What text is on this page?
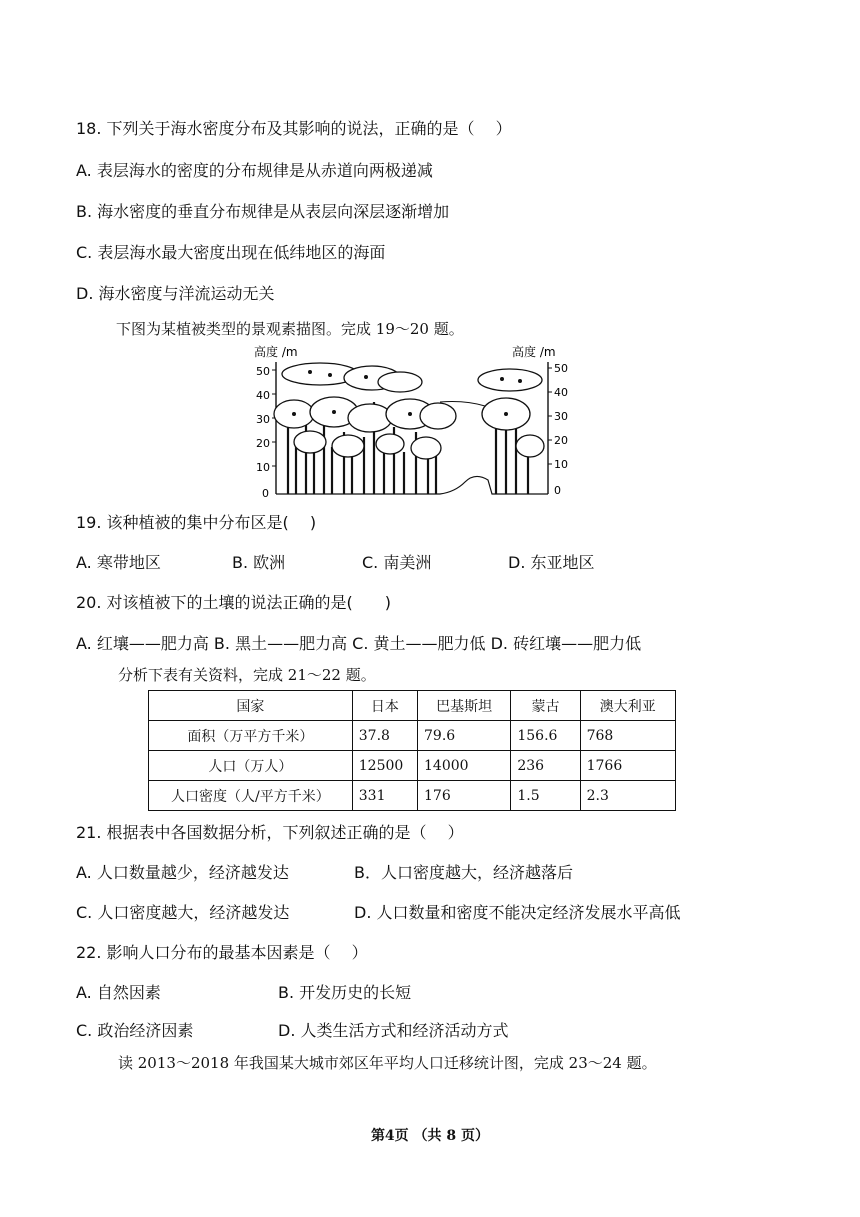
18. 下列关于海水密度分布及其影响的说法，正确的是（　 ）
A. 表层海水的密度的分布规律是从赤道向两极递减
B. 海水密度的垂直分布规律是从表层向深层逐渐增加
C. 表层海水最大密度出现在低纬地区的海面
D. 海水密度与洋流运动无关
下图为某植被类型的景观素描图。完成 19～20 题。
高度 /m	高度 /m
50
40
30
20
10
0
50
40
30
20
10
0
19. 该种植被的集中分布区是(　 )
A. 寒带地区	B. 欧洲	C. 南美洲	D. 东亚地区
20. 对该植被下的土壤的说法正确的是(　　)
A. 红壤——肥力高 B. 黑土——肥力高 C. 黄土——肥力低 D. 砖红壤——肥力低
分析下表有关资料，完成 21～22 题。
国家	日本	巴基斯坦	蒙古	澳大利亚
面积（万平方千米）	37.8	79.6	156.6	768
人口（万人）	12500	14000	236	1766
人口密度（人/平方千米）	331	176	1.5	2.3
21. 根据表中各国数据分析，下列叙述正确的是（　 ）
A. 人口数量越少，经济越发达	B．人口密度越大，经济越落后
C. 人口密度越大，经济越发达	D. 人口数量和密度不能决定经济发展水平高低
22. 影响人口分布的最基本因素是（　 ）
A. 自然因素	B. 开发历史的长短
C. 政治经济因素	D. 人类生活方式和经济活动方式
读 2013～2018 年我国某大城市郊区年平均人口迁移统计图，完成 23～24 题。
第4页 （共 8 页）
